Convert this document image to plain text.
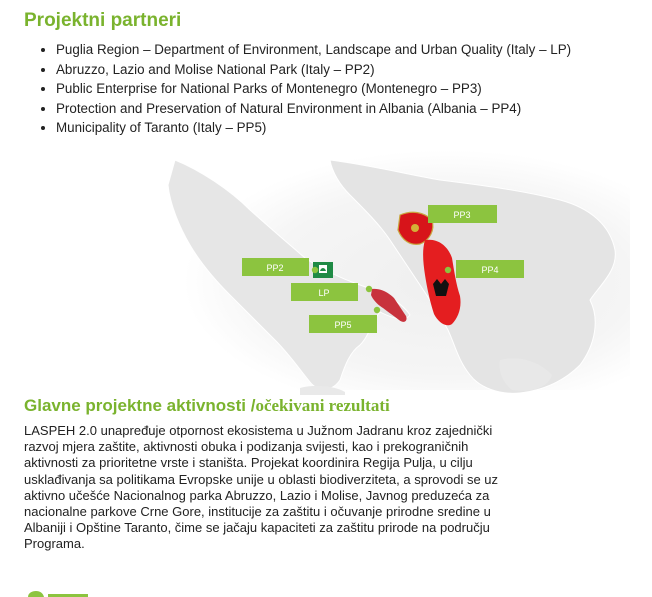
Projektni partneri
• Puglia Region – Department of Environment, Landscape and Urban Quality (Italy – LP)
• Abruzzo, Lazio and Molise National Park (Italy – PP2)
• Public Enterprise for National Parks of Montenegro (Montenegro – PP3)
• Protection and Preservation of Natural Environment in Albania (Albania – PP4)
• Municipality of Taranto (Italy – PP5)
PP3
PP2
LP
PP4
PP5
Glavne projektne aktivnosti /očekivani rezultati

LASPEH 2.0 unapređuje otpornost ekosistema u Južnom Jadranu kroz zajednički razvoj mjera zaštite, aktivnosti obuka i podizanja svijesti, kao i prekograničnih aktivnosti za prioritetne vrste i staništa. Projekat koordinira Regija Pulja, u cilju usklađivanja sa politikama Evropske unije u oblasti biodiverziteta, a sprovodi se uz aktivno učešće Nacionalnog parka Abruzzo, Lazio i Molise, Javnog preduzeća za nacionalne parkove Crne Gore, institucije za zaštitu i očuvanje prirodne sredine u Albaniji i Opštine Taranto, čime se jačaju kapaciteti za zaštitu prirode na području Programa.
